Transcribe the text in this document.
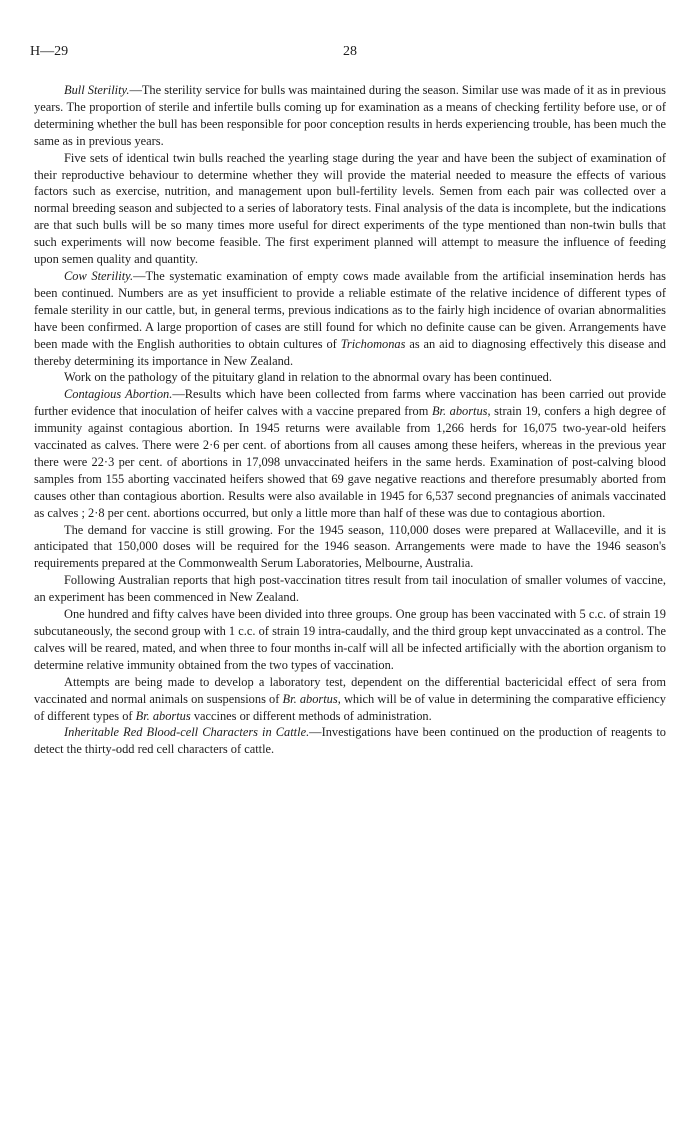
H—29	28

Bull Sterility.—The sterility service for bulls was maintained during the season. Similar use was made of it as in previous years. The proportion of sterile and infertile bulls coming up for examination as a means of checking fertility before use, or of determining whether the bull has been responsible for poor conception results in herds experiencing trouble, has been much the same as in previous years.

Five sets of identical twin bulls reached the yearling stage during the year and have been the subject of examination of their reproductive behaviour to determine whether they will provide the material needed to measure the effects of various factors such as exercise, nutrition, and management upon bull-fertility levels. Semen from each pair was collected over a normal breeding season and subjected to a series of laboratory tests. Final analysis of the data is incomplete, but the indications are that such bulls will be so many times more useful for direct experiments of the type mentioned than non-twin bulls that such experiments will now become feasible. The first experiment planned will attempt to measure the influence of feeding upon semen quality and quantity.

Cow Sterility.—The systematic examination of empty cows made available from the artificial insemination herds has been continued. Numbers are as yet insufficient to provide a reliable estimate of the relative incidence of different types of female sterility in our cattle, but, in general terms, previous indications as to the fairly high incidence of ovarian abnormalities have been confirmed. A large proportion of cases are still found for which no definite cause can be given. Arrangements have been made with the English authorities to obtain cultures of Trichomonas as an aid to diagnosing effectively this disease and thereby determining its importance in New Zealand.

Work on the pathology of the pituitary gland in relation to the abnormal ovary has been continued.

Contagious Abortion.—Results which have been collected from farms where vaccination has been carried out provide further evidence that inoculation of heifer calves with a vaccine prepared from Br. abortus, strain 19, confers a high degree of immunity against contagious abortion. In 1945 returns were available from 1,266 herds for 16,075 two-year-old heifers vaccinated as calves. There were 2·6 per cent. of abortions from all causes among these heifers, whereas in the previous year there were 22·3 per cent. of abortions in 17,098 unvaccinated heifers in the same herds. Examination of post-calving blood samples from 155 aborting vaccinated heifers showed that 69 gave negative reactions and therefore presumably aborted from causes other than contagious abortion. Results were also available in 1945 for 6,537 second pregnancies of animals vaccinated as calves ; 2·8 per cent. abortions occurred, but only a little more than half of these was due to contagious abortion.

The demand for vaccine is still growing. For the 1945 season, 110,000 doses were prepared at Wallaceville, and it is anticipated that 150,000 doses will be required for the 1946 season. Arrangements were made to have the 1946 season's requirements prepared at the Commonwealth Serum Laboratories, Melbourne, Australia.

Following Australian reports that high post-vaccination titres result from tail inoculation of smaller volumes of vaccine, an experiment has been commenced in New Zealand.

One hundred and fifty calves have been divided into three groups. One group has been vaccinated with 5 c.c. of strain 19 subcutaneously, the second group with 1 c.c. of strain 19 intra-caudally, and the third group kept unvaccinated as a control. The calves will be reared, mated, and when three to four months in-calf will all be infected artificially with the abortion organism to determine relative immunity obtained from the two types of vaccination.

Attempts are being made to develop a laboratory test, dependent on the differential bactericidal effect of sera from vaccinated and normal animals on suspensions of Br. abortus, which will be of value in determining the comparative efficiency of different types of Br. abortus vaccines or different methods of administration.

Inheritable Red Blood-cell Characters in Cattle.—Investigations have been continued on the production of reagents to detect the thirty-odd red cell characters of cattle.
